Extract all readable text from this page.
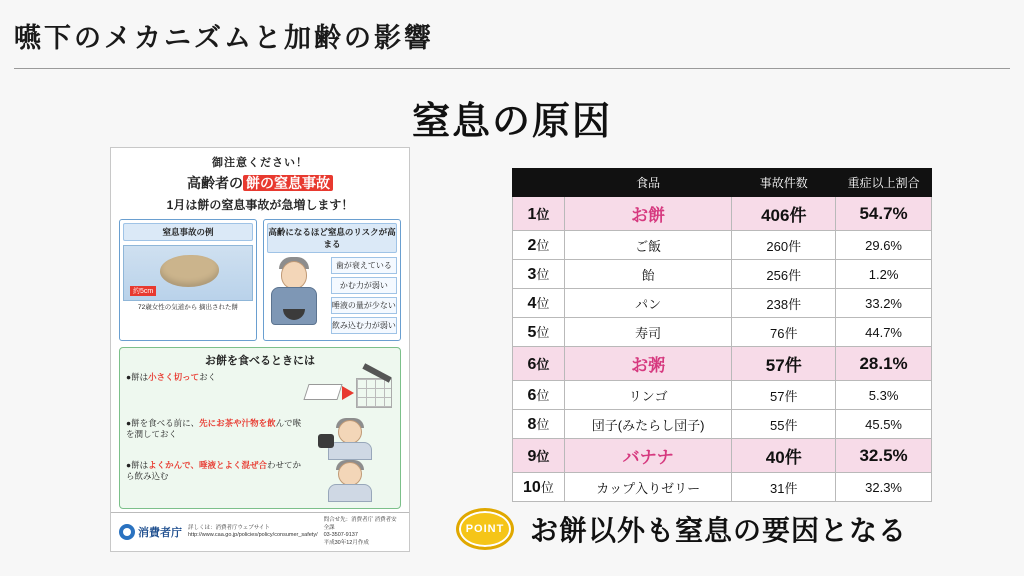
嚥下のメカニズムと加齢の影響
窒息の原因
御注意ください！
高齢者の 餅の窒息事故
1月は餅の窒息事故が急増します！
窒息事故の例
約5cm
72歳女性の気道から 摘出された餅
高齢になるほど窒息のリスクが高まる
歯が衰えている
かむ力が弱い
唾液の量が少ない
飲み込む力が弱い
お餅を食べるときには
●餅は小さく切っておく
●餅を食べる前に、先にお茶や汁物を飲んで喉を潤しておく
●餅はよくかんで、唾液とよく混ぜ合わせてから飲み込む
消費者庁 詳しくは：消費者庁ウェブサイト
http://www.caa.go.jp/policies/policy/consumer_safety/
問合せ先：消費者庁 消費者安全課
03-3507-9137
平成30年12月作成
	食品	事故件数	重症以上割合
1位	お餅	406件	54.7%
2位	ご飯	260件	29.6%
3位	飴	256件	1.2%
4位	パン	238件	33.2%
5位	寿司	76件	44.7%
6位	お粥	57件	28.1%
6位	リンゴ	57件	5.3%
8位	団子(みたらし団子)	55件	45.5%
9位	バナナ	40件	32.5%
10位	カップ入りゼリー	31件	32.3%
POINT お餅以外も窒息の要因となる
